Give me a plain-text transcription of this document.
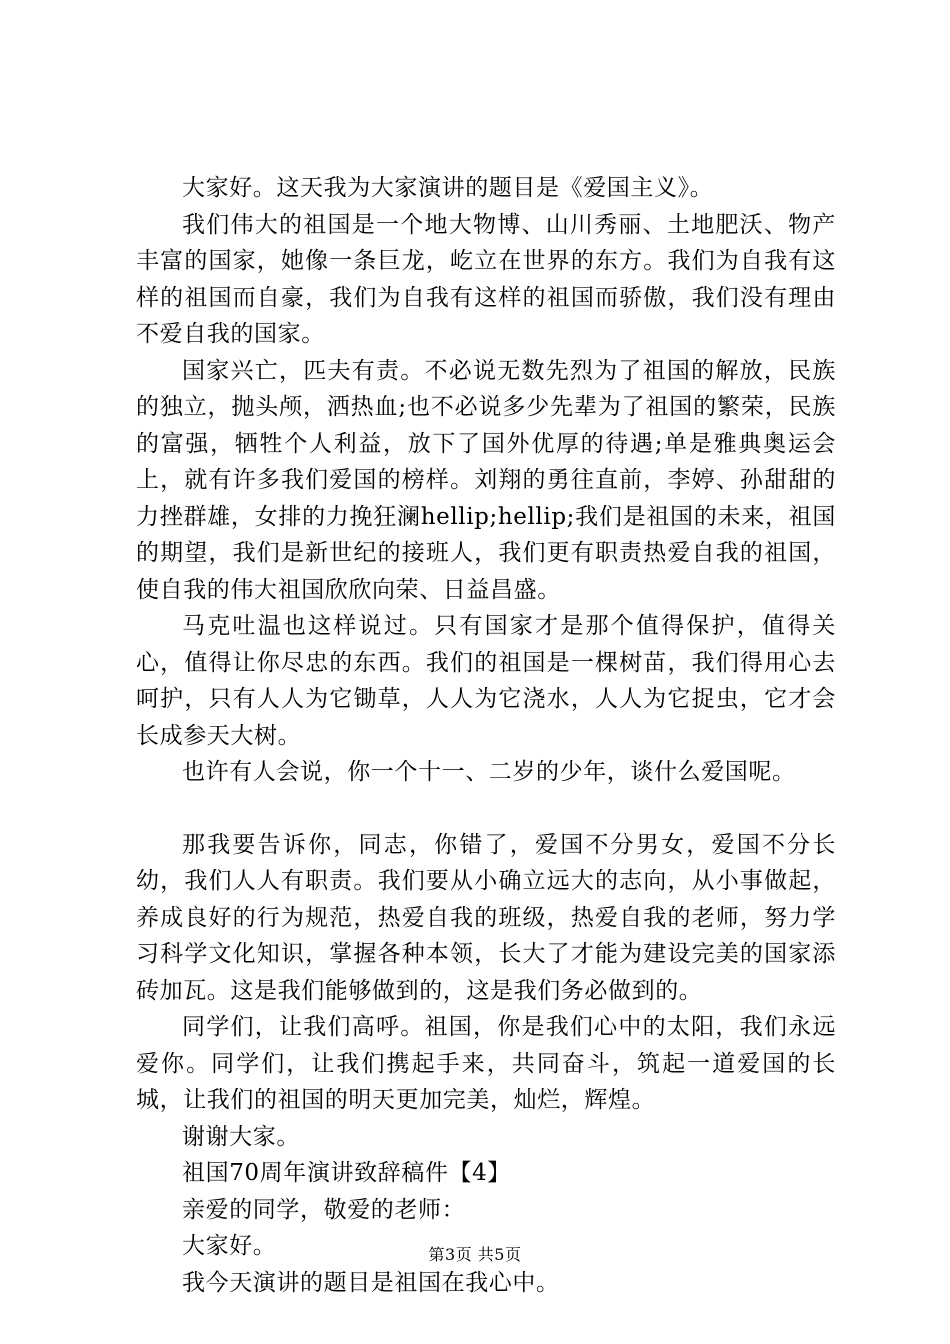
大家好。这天我为大家演讲的题目是《爱国主义》。

我们伟大的祖国是一个地大物博、山川秀丽、土地肥沃、物产丰富的国家，她像一条巨龙，屹立在世界的东方。我们为自我有这样的祖国而自豪，我们为自我有这样的祖国而骄傲，我们没有理由不爱自我的国家。

国家兴亡，匹夫有责。不必说无数先烈为了祖国的解放，民族的独立，抛头颅，洒热血;也不必说多少先辈为了祖国的繁荣，民族的富强，牺牲个人利益，放下了国外优厚的待遇;单是雅典奥运会上，就有许多我们爱国的榜样。刘翔的勇往直前，李婷、孙甜甜的力挫群雄，女排的力挽狂澜hellip;hellip;我们是祖国的未来，祖国的期望，我们是新世纪的接班人，我们更有职责热爱自我的祖国，使自我的伟大祖国欣欣向荣、日益昌盛。

马克吐温也这样说过。只有国家才是那个值得保护，值得关心，值得让你尽忠的东西。我们的祖国是一棵树苗，我们得用心去呵护，只有人人为它锄草，人人为它浇水，人人为它捉虫，它才会长成参天大树。

也许有人会说，你一个十一、二岁的少年，谈什么爱国呢。

那我要告诉你，同志，你错了，爱国不分男女，爱国不分长幼，我们人人有职责。我们要从小确立远大的志向，从小事做起，养成良好的行为规范，热爱自我的班级，热爱自我的老师，努力学习科学文化知识，掌握各种本领，长大了才能为建设完美的国家添砖加瓦。这是我们能够做到的，这是我们务必做到的。

同学们，让我们高呼。祖国，你是我们心中的太阳，我们永远爱你。同学们，让我们携起手来，共同奋斗，筑起一道爱国的长城，让我们的祖国的明天更加完美，灿烂，辉煌。

谢谢大家。

祖国70周年演讲致辞稿件【4】

亲爱的同学，敬爱的老师：

大家好。

我今天演讲的题目是祖国在我心中。

第3页 共5页
